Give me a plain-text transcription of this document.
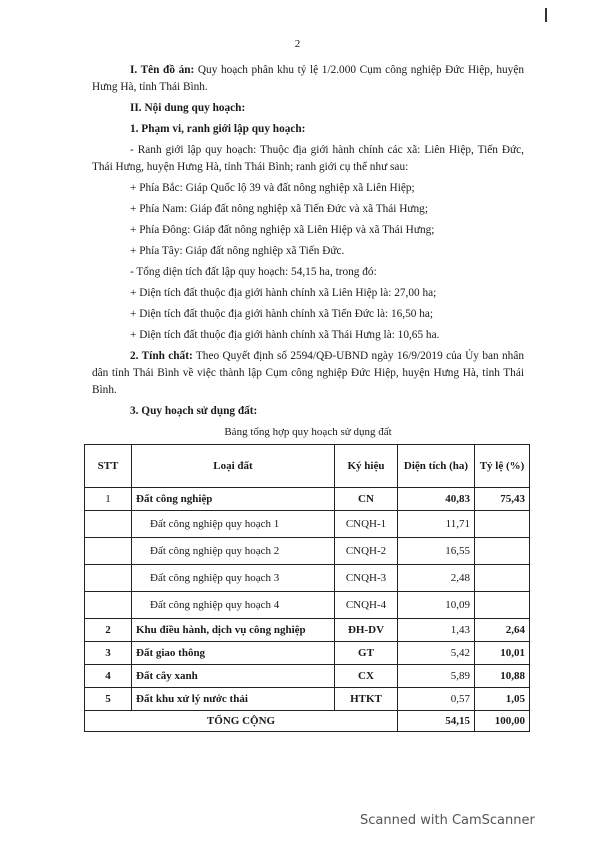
2

I. Tên đồ án: Quy hoạch phân khu tỷ lệ 1/2.000 Cụm công nghiệp Đức Hiệp, huyện Hưng Hà, tỉnh Thái Bình.

II. Nội dung quy hoạch:

1. Phạm vi, ranh giới lập quy hoạch:

- Ranh giới lập quy hoạch: Thuộc địa giới hành chính các xã: Liên Hiệp, Tiến Đức, Thái Hưng, huyện Hưng Hà, tỉnh Thái Bình; ranh giới cụ thể như sau:

+ Phía Bắc: Giáp Quốc lộ 39 và đất nông nghiệp xã Liên Hiệp;

+ Phía Nam: Giáp đất nông nghiệp xã Tiến Đức và xã Thái Hưng;

+ Phía Đông: Giáp đất nông nghiệp xã Liên Hiệp và xã Thái Hưng;

+ Phía Tây: Giáp đất nông nghiệp xã Tiến Đức.

- Tổng diện tích đất lập quy hoạch: 54,15 ha, trong đó:

+ Diện tích đất thuộc địa giới hành chính xã Liên Hiệp là: 27,00 ha;

+ Diện tích đất thuộc địa giới hành chính xã Tiến Đức là: 16,50 ha;

+ Diện tích đất thuộc địa giới hành chính xã Thái Hưng là: 10,65 ha.

2. Tính chất: Theo Quyết định số 2594/QĐ-UBND ngày 16/9/2019 của Ủy ban nhân dân tỉnh Thái Bình về việc thành lập Cụm công nghiệp Đức Hiệp, huyện Hưng Hà, tỉnh Thái Bình.

3. Quy hoạch sử dụng đất:

Bảng tổng hợp quy hoạch sử dụng đất
STT	Loại đất	Ký hiệu	Diện tích (ha)	Tỷ lệ (%)
1	Đất công nghiệp	CN	40,83	75,43
	Đất công nghiệp quy hoạch 1	CNQH-1	11,71	
	Đất công nghiệp quy hoạch 2	CNQH-2	16,55	
	Đất công nghiệp quy hoạch 3	CNQH-3	2,48	
	Đất công nghiệp quy hoạch 4	CNQH-4	10,09	
2	Khu điều hành, dịch vụ công nghiệp	ĐH-DV	1,43	2,64
3	Đất giao thông	GT	5,42	10,01
4	Đất cây xanh	CX	5,89	10,88
5	Đất khu xử lý nước thải	HTKT	0,57	1,05
TỔNG CỘNG			54,15	100,00
Scanned with CamScanner
